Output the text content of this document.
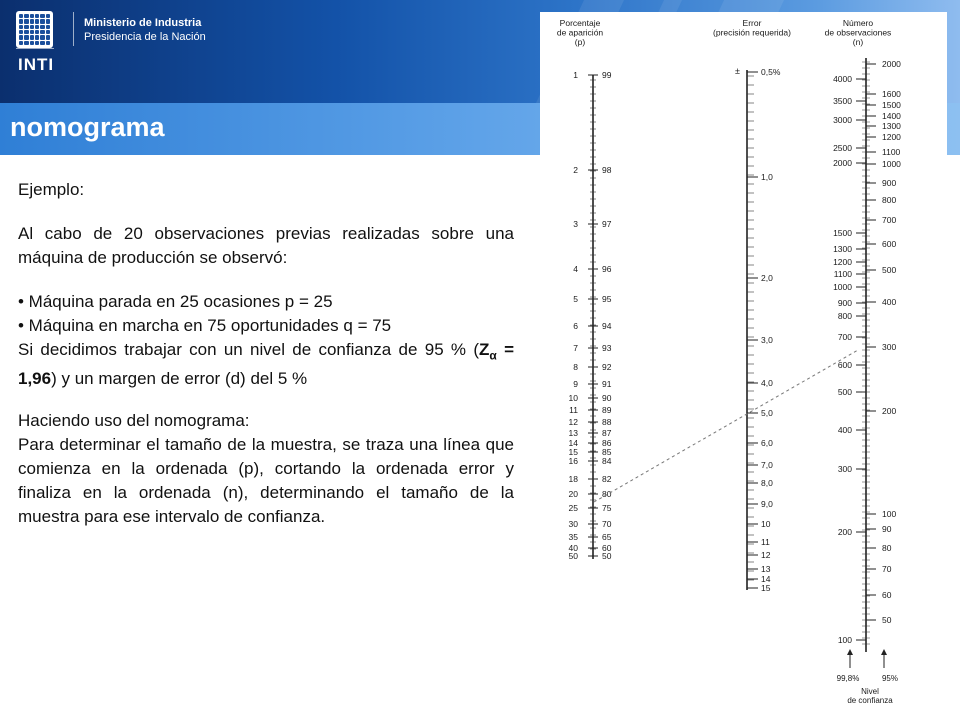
Ministerio de Industria
Presidencia de la Nación
INTI
nomograma

Ejemplo:

Al cabo de 20 observaciones previas realizadas sobre una máquina de producción se observó:

• Máquina parada en 25 ocasiones p = 25

• Máquina en marcha en 75 oportunidades q = 75

Si decidimos trabajar con un nivel de confianza de 95 % $(Z_\alpha = 1,96)$ y un margen de error (d) del 5 %

Haciendo uso del nomograma:

Para determinar el tamaño de la muestra, se traza una línea que comienza en la ordenada (p), cortando la ordenada error y finaliza en la ordenada (n), determinando el tamaño de la muestra para ese intervalo de confianza.

Porcentaje
de aparición
(p)
Error
(precisión requerida)
Número
de observaciones
(n)
1	99
2	98
3	97
4	96
5	95
6	94
7	93
8	92
9	91
10	90
11	89
12	88
13	87
14	86
15	85
16	84
18	82
20	80
25	75
30	70
35	65
40	60
50	50
± 0,5%
1,0
2,0
3,0
4,0
5,0
6,0
7,0
8,0
9,0
10
11
12
13
14
15
4000
3500
3000
2500
2000
1500
1300
1200
1100
1000
900
800
700
600
500
400
300
200
100
2000
1600
1500
1400
1300
1200
1100
1000
900
800
700
600
500
400
300
200
100
90
80
70
60
50
99,8%	95%
Nivel
de confianza
